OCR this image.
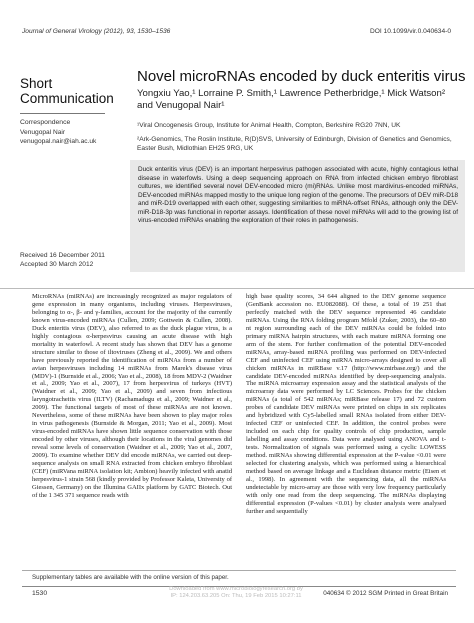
Journal of General Virology (2012), 93, 1530–1536	DOI 10.1099/vir.0.040634-0
Short
Communication
Correspondence
Venugopal Nair
venugopal.nair@iah.ac.uk
Received 16 December 2011
Accepted 30 March 2012
Novel microRNAs encoded by duck enteritis virus
Yongxiu Yao,¹ Lorraine P. Smith,¹ Lawrence Petherbridge,¹ Mick Watson² and Venugopal Nair¹
¹Viral Oncogenesis Group, Institute for Animal Health, Compton, Berkshire RG20 7NN, UK
²Ark-Genomics, The Roslin Institute, R(D)SVS, University of Edinburgh, Division of Genetics and Genomics, Easter Bush, Midlothian EH25 9RG, UK
Duck enteritis virus (DEV) is an important herpesvirus pathogen associated with acute, highly contagious lethal disease in waterfowls. Using a deep sequencing approach on RNA from infected chicken embryo fibroblast cultures, we identified several novel DEV-encoded micro (mi)RNAs. Unlike most mardivirus-encoded miRNAs, DEV-encoded miRNAs mapped mostly to the unique long region of the genome. The precursors of DEV miR-D18 and miR-D19 overlapped with each other, suggesting similarities to miRNA-offset RNAs, although only the DEV-miR-D18-3p was functional in reporter assays. Identification of these novel miRNAs will add to the growing list of virus-encoded miRNAs enabling the exploration of their roles in pathogenesis.
MicroRNAs (miRNAs) are increasingly recognized as major regulators of gene expression in many organisms, including viruses. Herpesviruses, belonging to α-, β- and γ-families, account for the majority of the currently known virus-encoded miRNAs (Cullen, 2009; Gottwein & Cullen, 2008). Duck enteritis virus (DEV), also referred to as the duck plague virus, is a highly contagious α-herpesvirus causing an acute disease with high mortality in waterfowl. A recent study has shown that DEV has a genome structure similar to those of iltoviruses (Zheng et al., 2009). We and others have previously reported the identification of miRNAs from a number of avian herpesviruses including 14 miRNAs from Marek's disease virus (MDV)-1 (Burnside et al., 2006; Yao et al., 2008), 18 from MDV-2 (Waidner et al., 2009; Yao et al., 2007), 17 from herpesvirus of turkeys (HVT) (Waidner et al., 2009; Yao et al., 2009) and seven from infectious laryngotracheitis virus (ILTV) (Rachamadugu et al., 2009; Waidner et al., 2009). The functional targets of most of these miRNAs are not known. Nevertheless, some of these miRNAs have been shown to play major roles in virus pathogenesis (Burnside & Morgan, 2011; Yao et al., 2009). Most virus-encoded miRNAs have shown little sequence conservation with those encoded by other viruses, although their locations in the viral genomes did reveal some levels of conservation (Waidner et al., 2009; Yao et al., 2007, 2009). To examine whether DEV did encode miRNAs, we carried out deep-sequence analysis on small RNA extracted from chicken embryo fibroblast (CEF) (miRVana miRNA isolation kit; Ambion) heavily infected with anatid herpesvirus-1 strain 568 (kindly provided by Professor Kaleta, University of Giessen, Germany) on the Illumina GAIIx platform by GATC Biotech. Out of the 1 345 371 sequence reads with
high base quality scores, 34 644 aligned to the DEV genome sequence (GenBank accession no. EU082088). Of these, a total of 19 251 that perfectly matched with the DEV sequence represented 46 candidate miRNAs. Using the RNA folding program Mfold (Zuker, 2003), the 60–80 nt region surrounding each of the DEV miRNAs could be folded into primary miRNA hairpin structures, with each mature miRNA forming one arm of the stem. For further confirmation of the potential DEV-encoded miRNAs, array-based miRNA profiling was performed on DEV-infected CEF and uninfected CEF using miRNA micro-arrays designed to cover all chicken miRNAs in miRBase v.17 (http://www.mirbase.org/) and the candidate DEV-encoded miRNAs identified by deep-sequencing analysis. The miRNA microarray expression assay and the statistical analysis of the microarray data were performed by LC Sciences. Probes for the chicken miRNAs (a total of 542 miRNAs; miRBase release 17) and 72 custom probes of candidate DEV miRNAs were printed on chips in six replicates and hybridized with Cy5-labelled small RNAs isolated from either DEV-infected CEF or uninfected CEF. In addition, the control probes were included on each chip for quality controls of chip production, sample labelling and assay conditions. Data were analysed using ANOVA and t-tests. Normalization of signals was performed using a cyclic LOWESS method. miRNAs showing differential expression at the P-value <0.01 were selected for clustering analysis, which was performed using a hierarchical method based on average linkage and a Euclidean distance metric (Eisen et al., 1998). In agreement with the sequencing data, all the miRNAs undetectable by micro-array are those with very low frequency particularly with only one read from the deep sequencing. The miRNAs displaying differential expression (P-values <0.01) by cluster analysis were analysed further and sequentially
Supplementary tables are available with the online version of this paper.
1530
Downloaded from www.microbiologyresearch.org by IP: 124.203.63.205 On: Thu, 19 Feb 2015 10:27:11	040634 © 2012 SGM Printed in Great Britain
